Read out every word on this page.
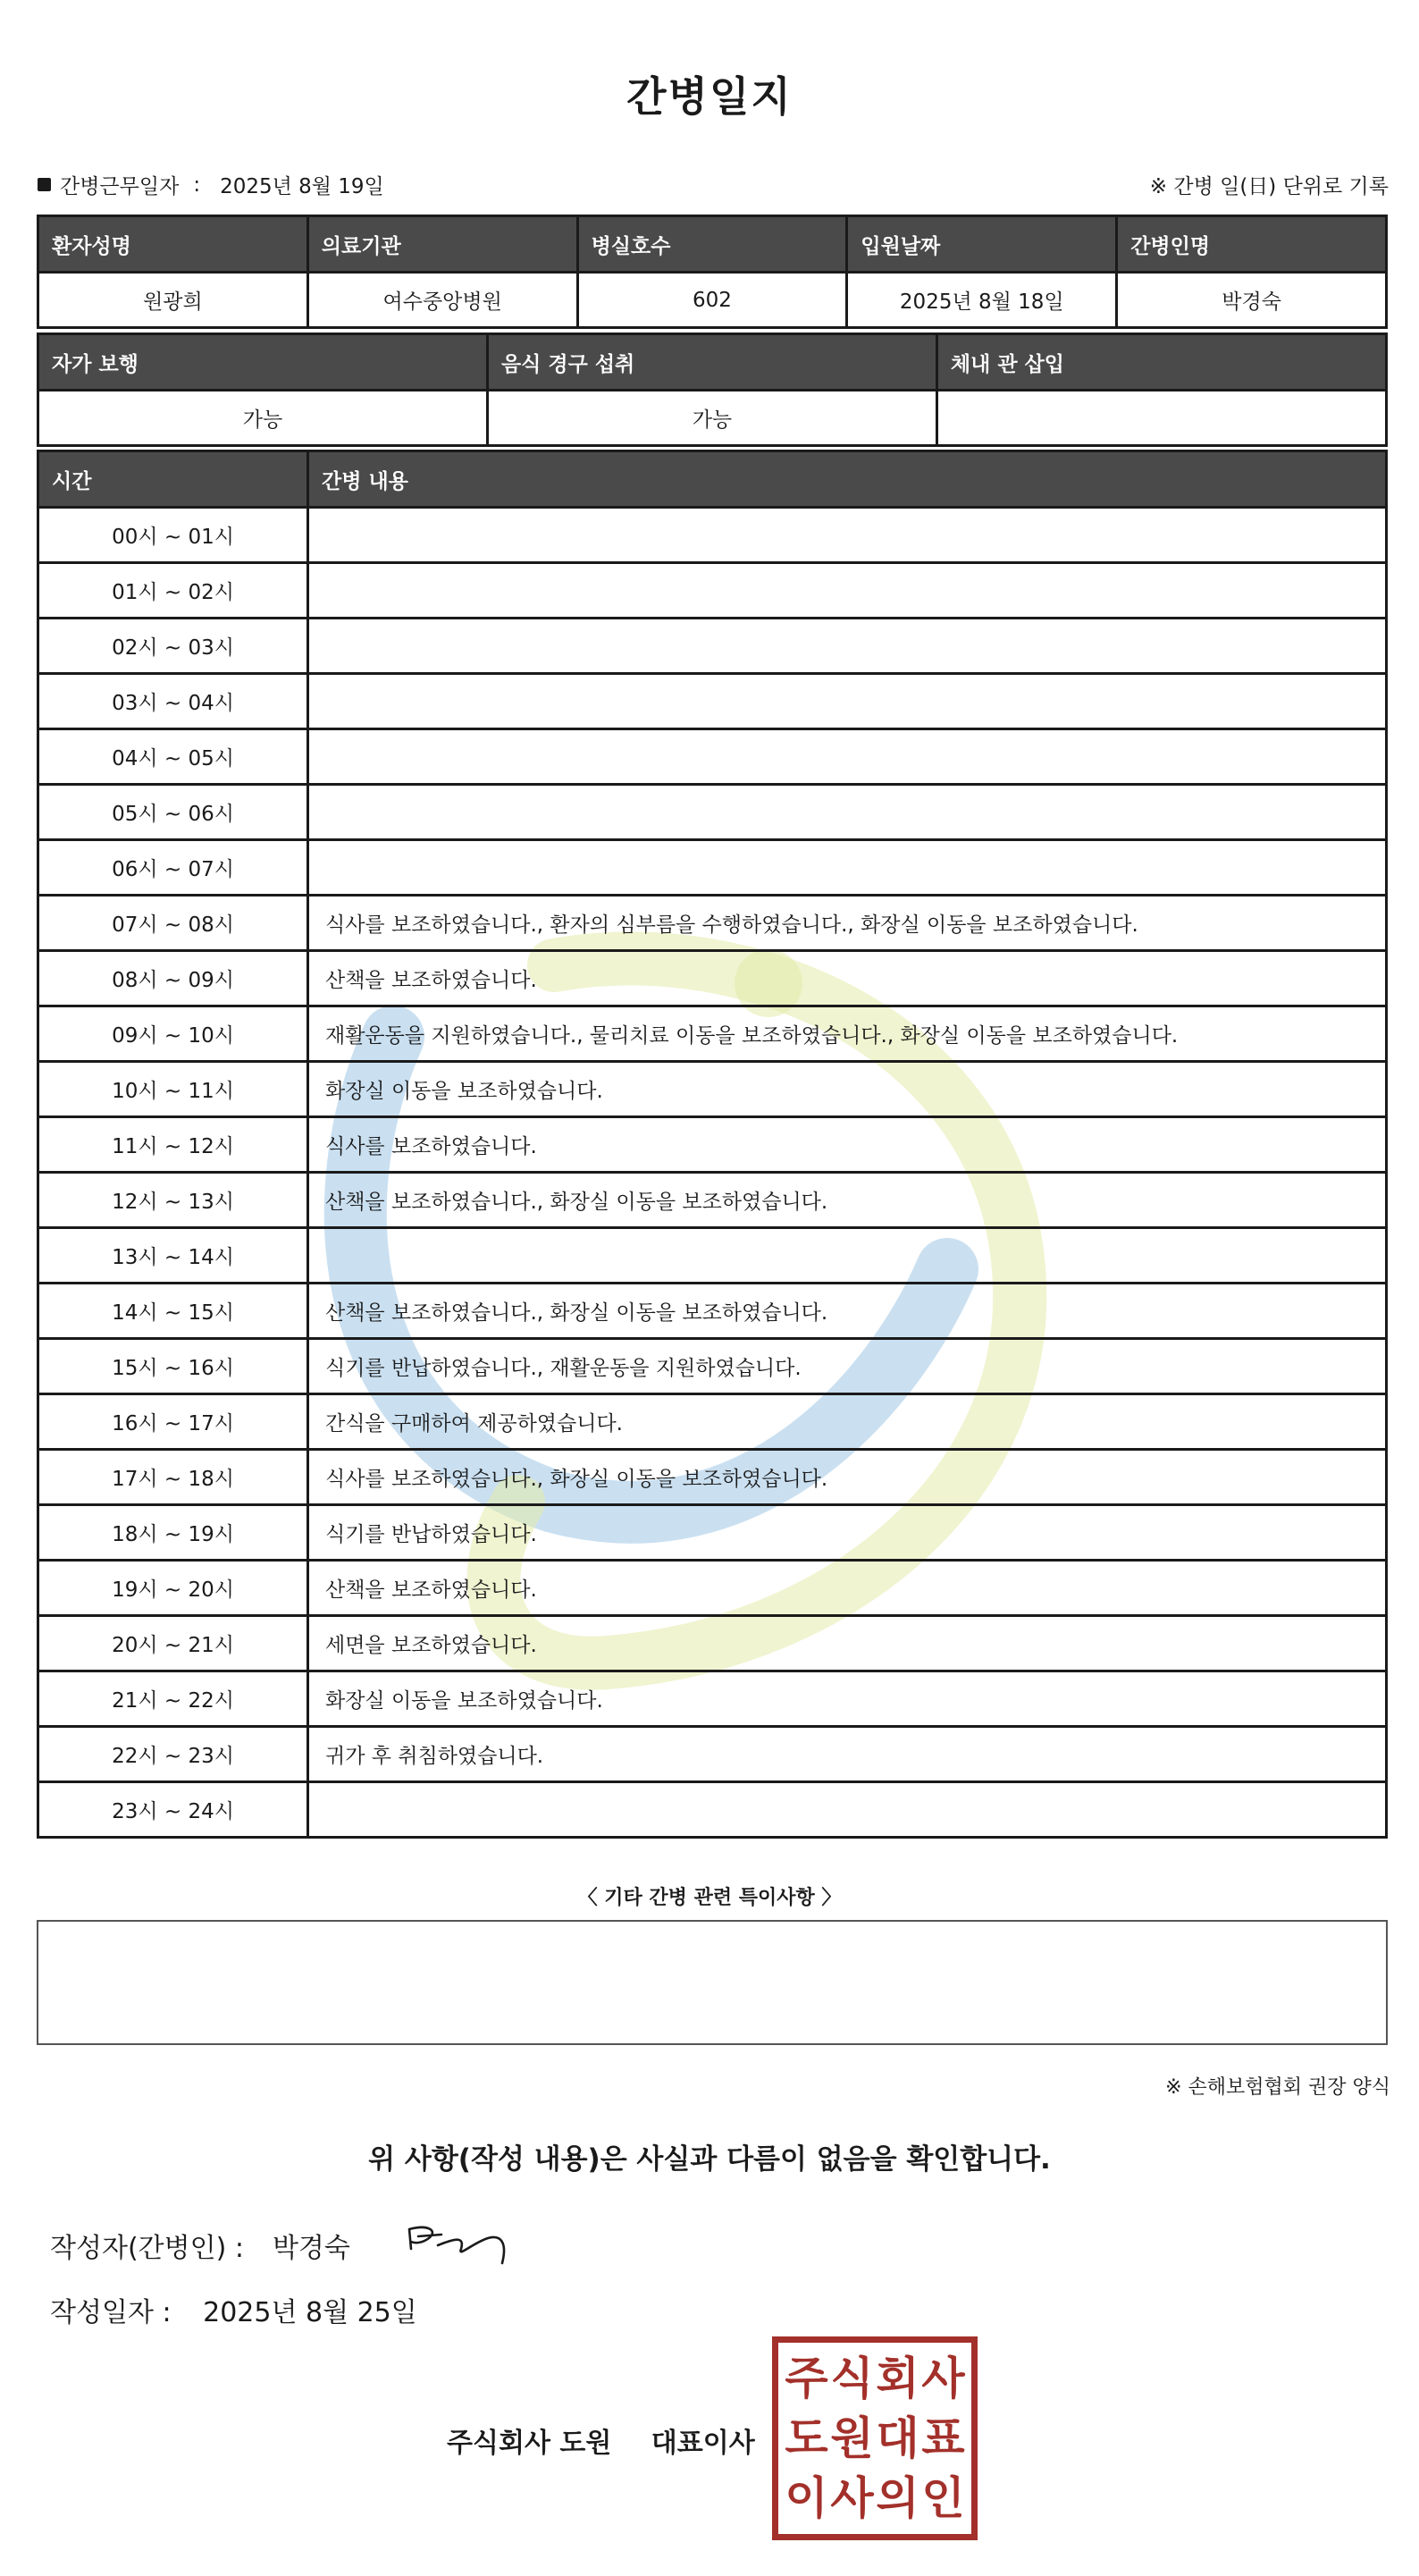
간병일지
간병근무일자 : 2025년 8월 19일	※ 간병 일(日) 단위로 기록
환자성명	의료기관	병실호수	입원날짜	간병인명
원광희	여수중앙병원	602	2025년 8월 18일	박경숙
자가 보행	음식 경구 섭취	체내 관 삽입
가능	가능	
시간	간병 내용
00시 ~ 01시	
01시 ~ 02시	
02시 ~ 03시	
03시 ~ 04시	
04시 ~ 05시	
05시 ~ 06시	
06시 ~ 07시	
07시 ~ 08시	식사를 보조하였습니다., 환자의 심부름을 수행하였습니다., 화장실 이동을 보조하였습니다.
08시 ~ 09시	산책을 보조하였습니다.
09시 ~ 10시	재활운동을 지원하였습니다., 물리치료 이동을 보조하였습니다., 화장실 이동을 보조하였습니다.
10시 ~ 11시	화장실 이동을 보조하였습니다.
11시 ~ 12시	식사를 보조하였습니다.
12시 ~ 13시	산책을 보조하였습니다., 화장실 이동을 보조하였습니다.
13시 ~ 14시	
14시 ~ 15시	산책을 보조하였습니다., 화장실 이동을 보조하였습니다.
15시 ~ 16시	식기를 반납하였습니다., 재활운동을 지원하였습니다.
16시 ~ 17시	간식을 구매하여 제공하였습니다.
17시 ~ 18시	식사를 보조하였습니다., 화장실 이동을 보조하였습니다.
18시 ~ 19시	식기를 반납하였습니다.
19시 ~ 20시	산책을 보조하였습니다.
20시 ~ 21시	세면을 보조하였습니다.
21시 ~ 22시	화장실 이동을 보조하였습니다.
22시 ~ 23시	귀가 후 취침하였습니다.
23시 ~ 24시	
〈 기타 간병 관련 특이사항 〉
※ 손해보험협회 권장 양식
위 사항(작성 내용)은 사실과 다름이 없음을 확인합니다.
작성자(간병인) : 박경숙
작성일자 : 2025년 8월 25일
주식회사 도원 대표이사
주 식 회 사
도 원 대 표
이 사 의 인
